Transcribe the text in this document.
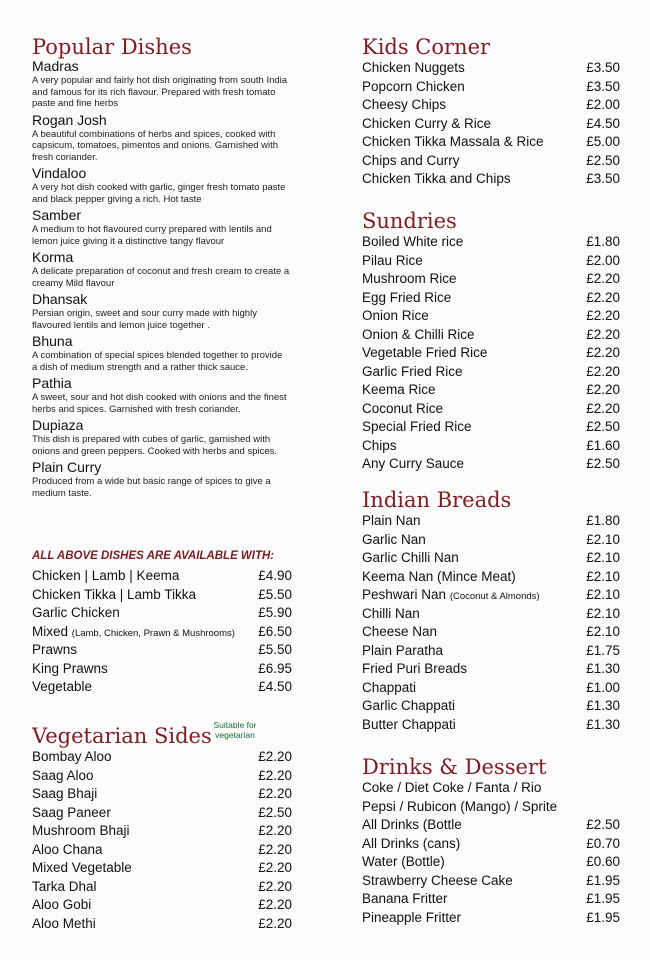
Popular Dishes
Madras
A very popular and fairly hot dish originating from south India and famous for its rich flavour. Prepared with fresh tomato paste and fine herbs
Rogan Josh
A beautiful combinations of herbs and spices, cooked with capsicum, tomatoes, pimentos and onions. Garnished with fresh coriander.
Vindaloo
A very hot dish cooked with garlic, ginger fresh tomato paste and black pepper giving a rich. Hot taste
Samber
A medium to hot flavoured curry prepared with lentils and lemon juice giving it a distinctive tangy flavour
Korma
A delicate preparation of coconut and fresh cream to create a creamy Mild flavour
Dhansak
Persian origin, sweet and sour curry made with highly flavoured lentils and lemon juice together .
Bhuna
A combination of special spices blended together to provide a dish of medium strength and a rather thick sauce.
Pathia
A sweet, sour and hot dish cooked with onions and the finest herbs and spices. Garnished with fresh coriander.
Dupiaza
This dish is prepared with cubes of garlic, garnished with onions and green peppers. Cooked with herbs and spices.
Plain Curry
Produced from a wide but basic range of spices to give a medium taste.
ALL ABOVE DISHES ARE AVAILABLE WITH:
Chicken | Lamb | Keema	£4.90
Chicken Tikka | Lamb Tikka	£5.50
Garlic Chicken	£5.90
Mixed (Lamb, Chicken, Prawn & Mushrooms) £6.50
Prawns	£5.50
King Prawns	£6.95
Vegetable	£4.50
Vegetarian Sides
Bombay Aloo	£2.20
Saag Aloo	£2.20
Saag Bhaji	£2.20
Saag Paneer	£2.50
Mushroom Bhaji	£2.20
Aloo Chana	£2.20
Mixed Vegetable	£2.20
Tarka Dhal	£2.20
Aloo Gobi	£2.20
Aloo Methi	£2.20
Suitable for vegetarian
Kids Corner
Chicken Nuggets	£3.50
Popcorn Chicken	£3.50
Cheesy Chips	£2.00
Chicken Curry & Rice	£4.50
Chicken Tikka Massala & Rice	£5.00
Chips and Curry	£2.50
Chicken Tikka and Chips	£3.50
Sundries
Boiled White rice	£1.80
Pilau Rice	£2.00
Mushroom Rice	£2.20
Egg Fried Rice	£2.20
Onion Rice	£2.20
Onion & Chilli Rice	£2.20
Vegetable Fried Rice	£2.20
Garlic Fried Rice	£2.20
Keema Rice	£2.20
Coconut Rice	£2.20
Special Fried Rice	£2.50
Chips	£1.60
Any Curry Sauce	£2.50
Indian Breads
Plain Nan	£1.80
Garlic Nan	£2.10
Garlic Chilli Nan	£2.10
Keema Nan (Mince Meat)	£2.10
Peshwari Nan (Coconut & Almonds)	£2.10
Chilli Nan	£2.10
Cheese Nan	£2.10
Plain Paratha	£1.75
Fried Puri Breads	£1.30
Chappati	£1.00
Garlic Chappati	£1.30
Butter Chappati	£1.30
Drinks & Dessert
Coke / Diet Coke / Fanta / Rio
Pepsi / Rubicon (Mango) / Sprite
All Drinks (Bottle	£2.50
All Drinks (cans)	£0.70
Water (Bottle)	£0.60
Strawberry Cheese Cake	£1.95
Banana Fritter	£1.95
Pineapple Fritter	£1.95
